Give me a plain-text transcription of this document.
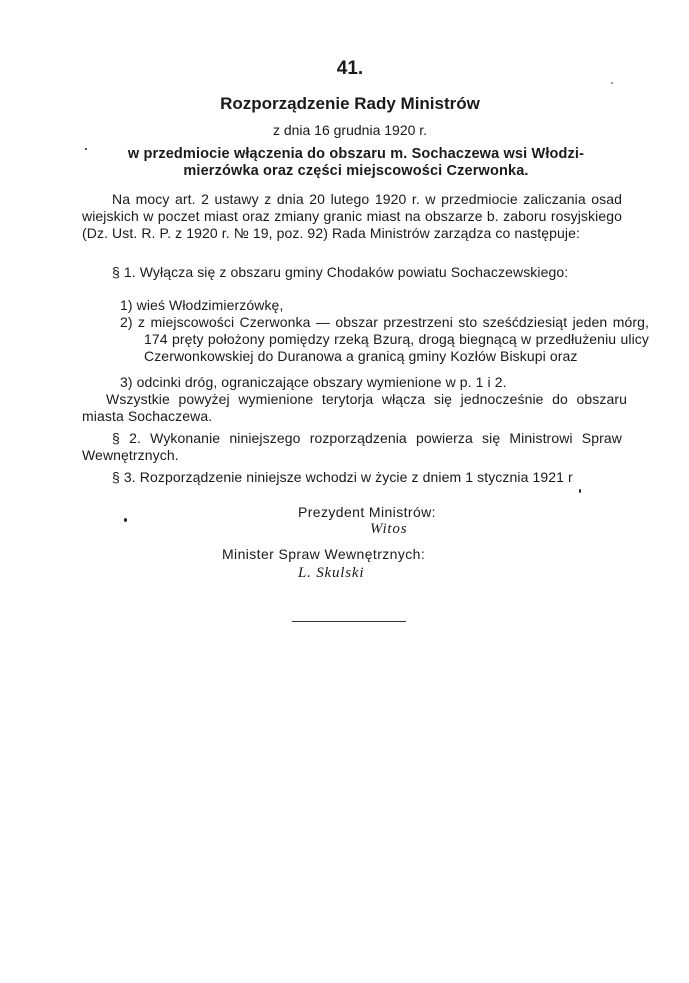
41.
Rozporządzenie Rady Ministrów
z dnia 16 grudnia 1920 r.
w przedmiocie włączenia do obszaru m. Sochaczewa wsi Włodzi-
mierzówka oraz części miejscowości Czerwonka.
Na mocy art. 2 ustawy z dnia 20 lutego 1920 r. w przedmiocie zaliczania osad wiejskich w poczet miast oraz zmiany granic miast na obszarze b. zaboru rosyjskiego (Dz. Ust. R. P. z 1920 r. № 19, poz. 92) Rada Ministrów zarządza co następuje:
§ 1. Wyłącza się z obszaru gminy Chodaków powiatu Sochaczewskiego:
1) wieś Włodzimierzówkę,
2) z miejscowości Czerwonka — obszar przestrzeni sto sześćdziesiąt jeden mórg, 174 pręty położony pomiędzy rzeką Bzurą, drogą biegnącą w przedłużeniu ulicy Czerwonkowskiej do Duranowa a granicą gminy Kozłów Biskupi oraz
3) odcinki dróg, ograniczające obszary wymienione w p. 1 i 2.
Wszystkie powyżej wymienione terytorja włącza się jednocześnie do obszaru miasta Sochaczewa.
§ 2. Wykonanie niniejszego rozporządzenia powierza się Ministrowi Spraw Wewnętrznych.
§ 3. Rozporządzenie niniejsze wchodzi w życie z dniem 1 stycznia 1921 r
Prezydent Ministrów:
Witos
Minister Spraw Wewnętrznych:
L. Skulski
